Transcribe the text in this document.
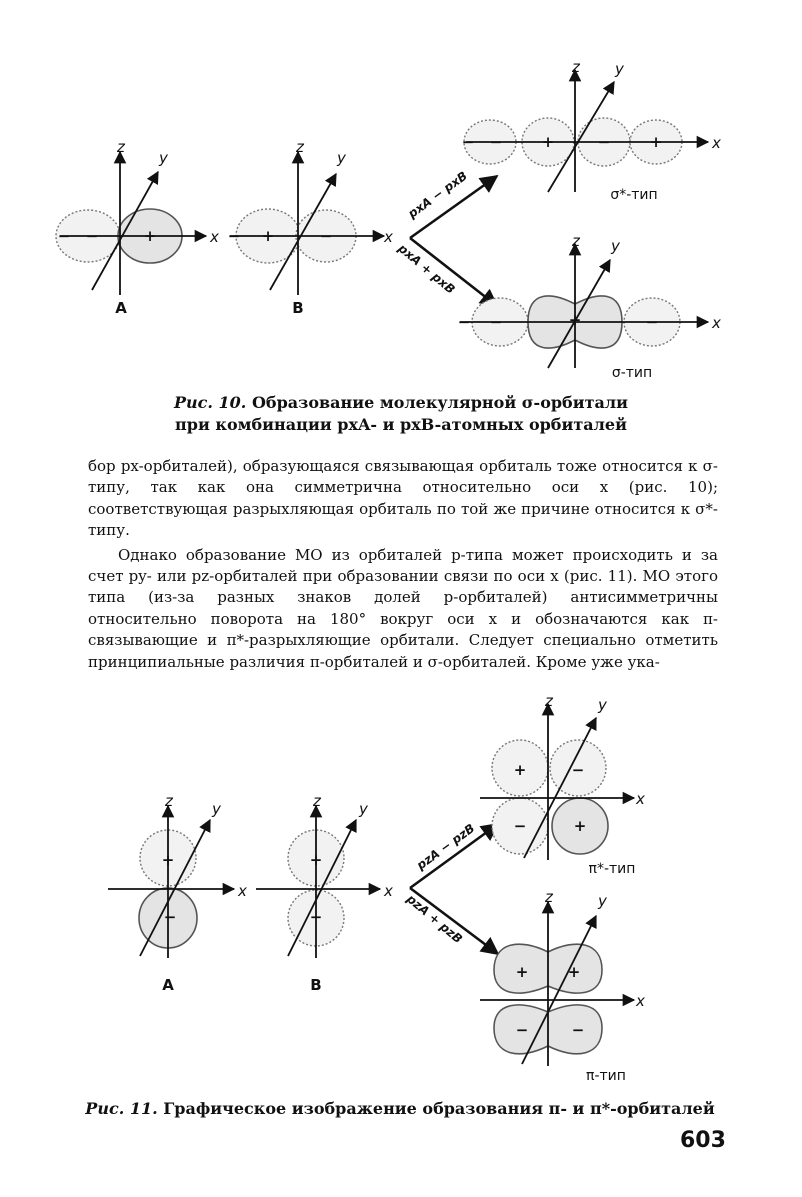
− −	+	x
z
y
A
− +	−	x
z
y
B
pxA − pxB
pxA + pxB
− −	+	−	+	x
z y
σ*-тип
− −	+	−	x
z y
σ-тип
Рис. 10. Образование молекулярной σ-орбитали
при комбинации pxA- и pxB-атомных орбиталей

бор px-орбиталей), образующаяся связывающая орбиталь тоже относится к σ-типу, так как она симметрична относительно оси x (рис. 10); соответствующая разрыхляющая орбиталь по той же причине относится к σ*-типу.

Однако образование МО из орбиталей p-типа может происходить и за счет py- или pz-орбиталей при образовании связи по оси x (рис. 11). МО этого типа (из-за разных знаков долей p-орбиталей) антисимметричны относительно поворота на 180° вокруг оси x и обозначаются как π-связывающие и π*-разрыхляющие орбитали. Следует специально отметить принципиальные различия π-орбиталей и σ-орбиталей. Кроме уже ука-

+
−
x
z	y
A
+
−
x
z	y
B
pzA − pzB
pzA + pzB
+	−
−	+
x
z	y
π*-тип
+	+
−	−
x
z	y
π-тип
Рис. 11. Графическое изображение образования π- и π*-орбиталей
603
